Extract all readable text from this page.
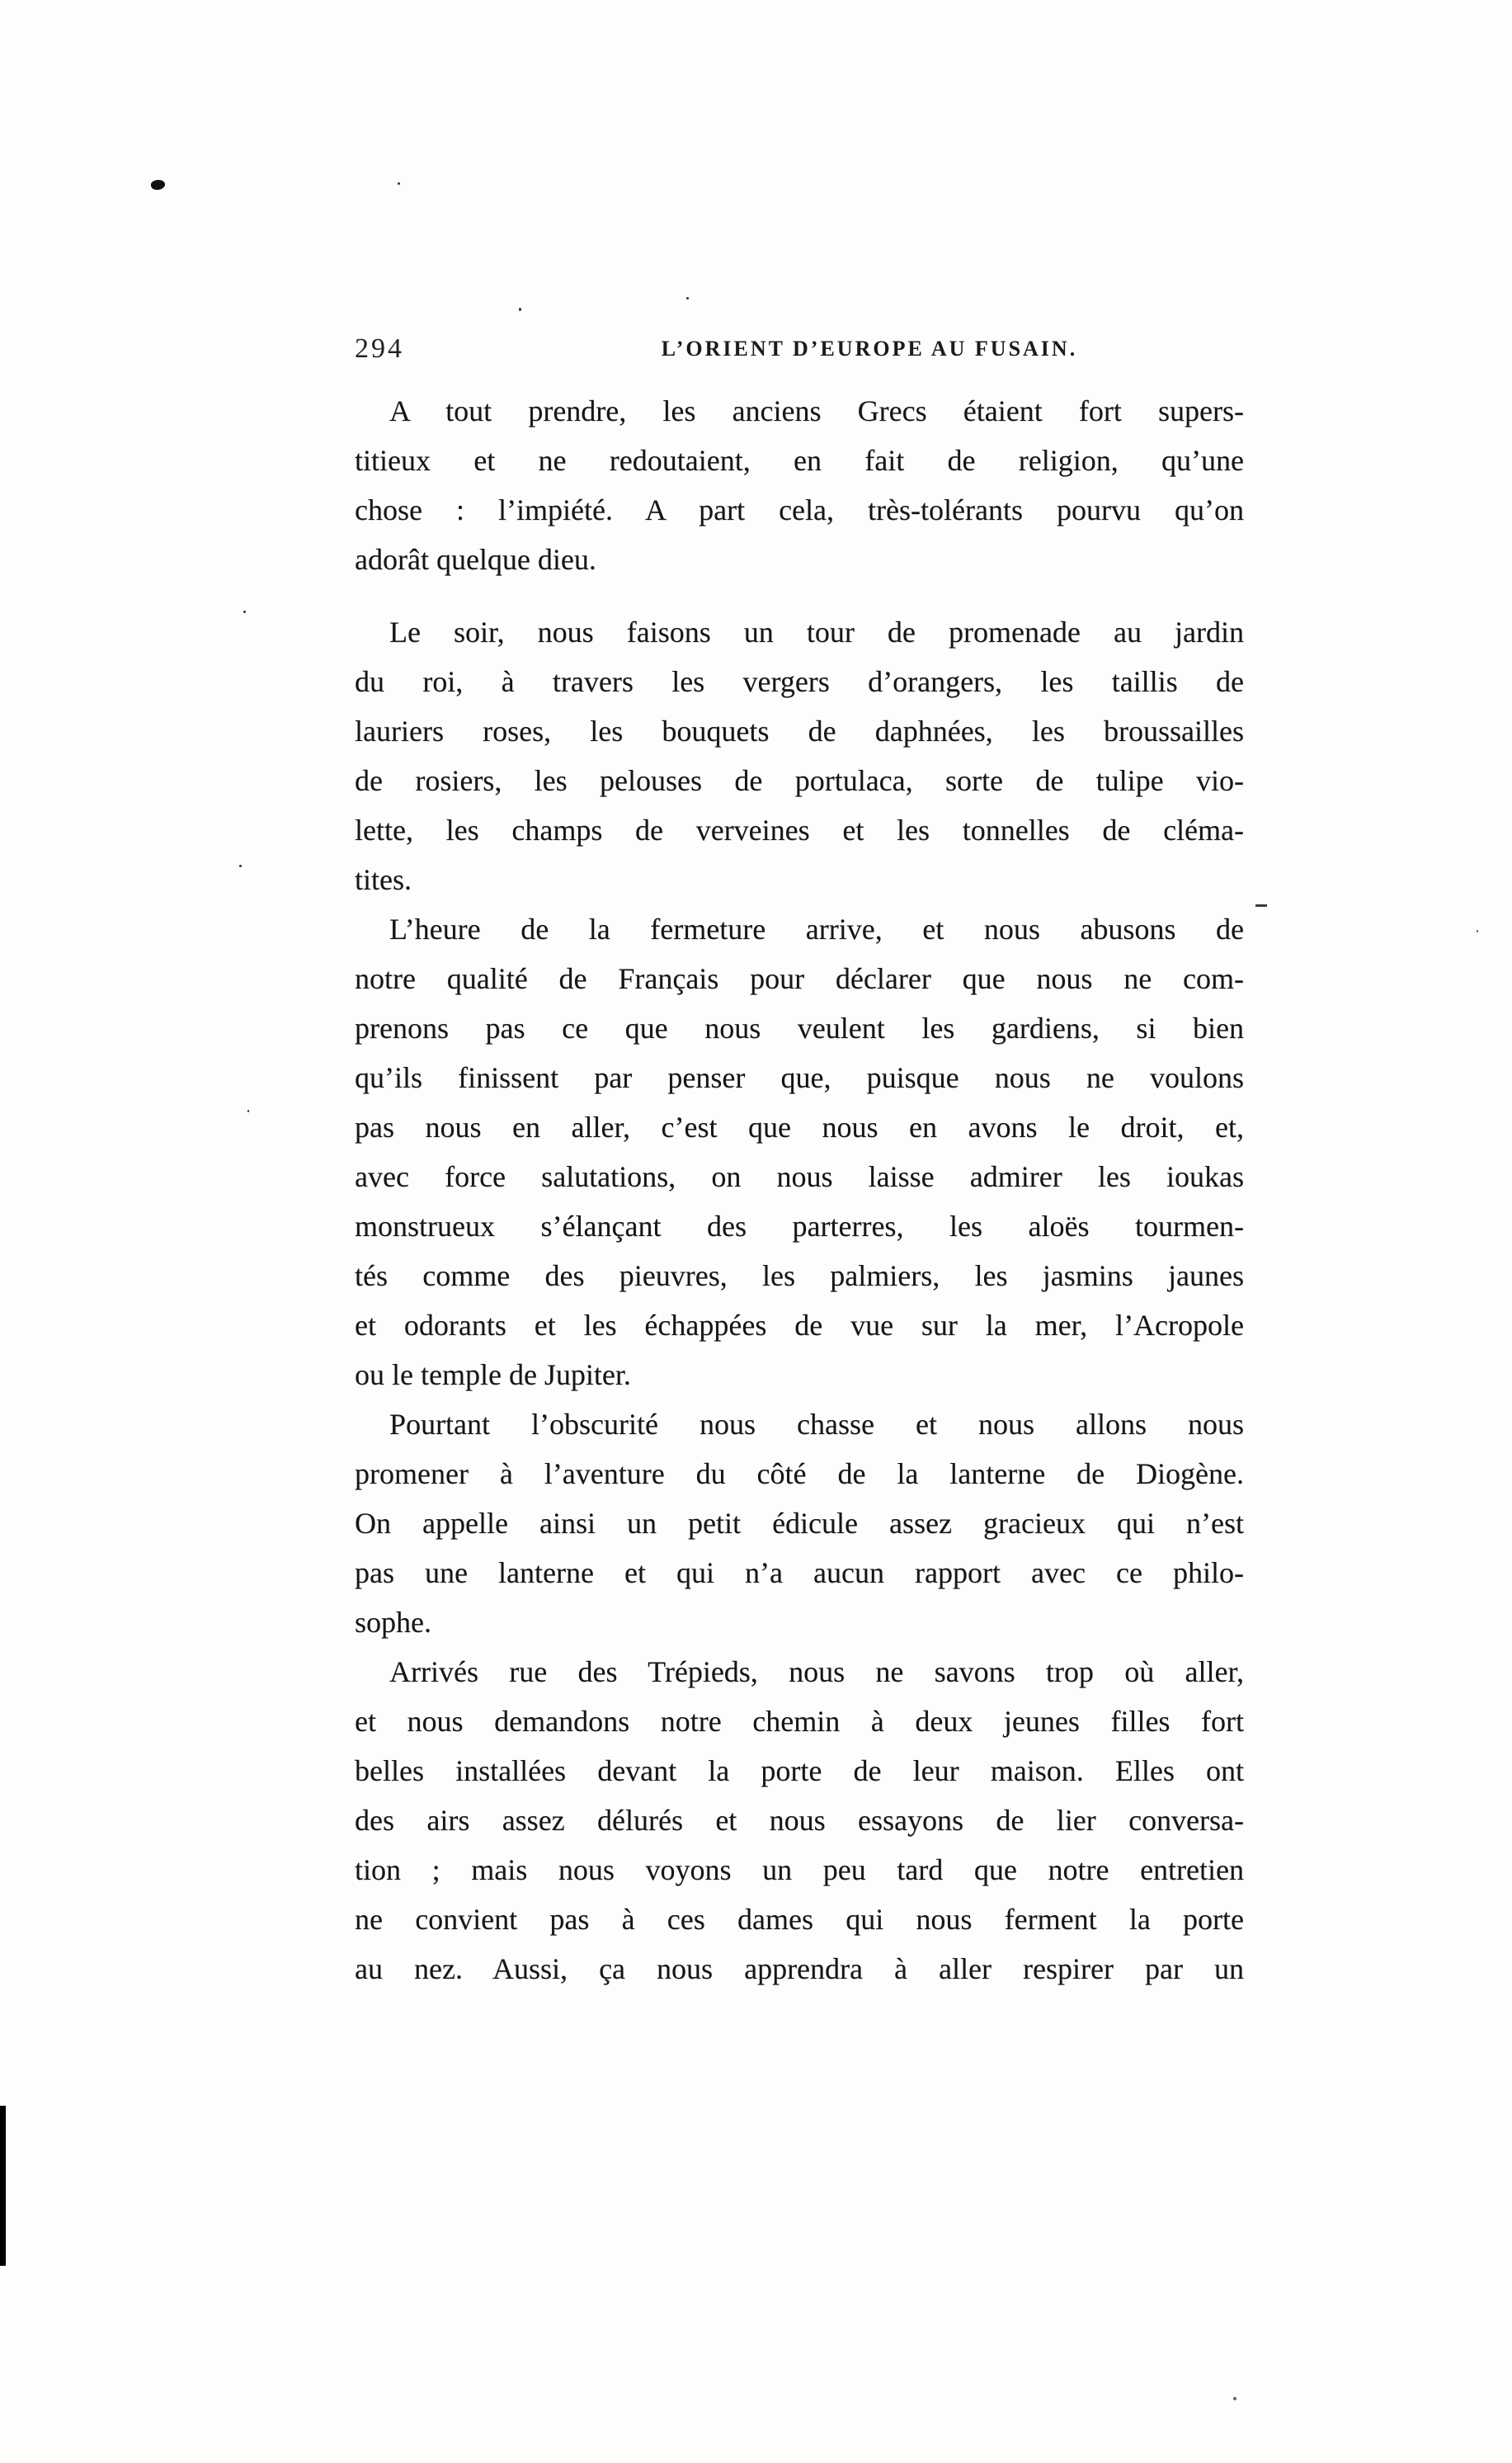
294	L’ORIENT D’EUROPE AU FUSAIN.
A tout prendre, les anciens Grecs étaient fort supers-
titieux et ne redoutaient, en fait de religion, qu’une
chose : l’impiété. A part cela, très-tolérants pourvu qu’on
adorât quelque dieu.
Le soir, nous faisons un tour de promenade au jardin
du roi, à travers les vergers d’orangers, les taillis de
lauriers roses, les bouquets de daphnées, les broussailles
de rosiers, les pelouses de portulaca, sorte de tulipe vio-
lette, les champs de verveines et les tonnelles de cléma-
tites.
L’heure de la fermeture arrive, et nous abusons de
notre qualité de Français pour déclarer que nous ne com-
prenons pas ce que nous veulent les gardiens, si bien
qu’ils finissent par penser que, puisque nous ne voulons
pas nous en aller, c’est que nous en avons le droit, et,
avec force salutations, on nous laisse admirer les ioukas
monstrueux s’élançant des parterres, les aloës tourmen-
tés comme des pieuvres, les palmiers, les jasmins jaunes
et odorants et les échappées de vue sur la mer, l’Acropole
ou le temple de Jupiter.
Pourtant l’obscurité nous chasse et nous allons nous
promener à l’aventure du côté de la lanterne de Diogène.
On appelle ainsi un petit édicule assez gracieux qui n’est
pas une lanterne et qui n’a aucun rapport avec ce philo-
sophe.
Arrivés rue des Trépieds, nous ne savons trop où aller,
et nous demandons notre chemin à deux jeunes filles fort
belles installées devant la porte de leur maison. Elles ont
des airs assez délurés et nous essayons de lier conversa-
tion ; mais nous voyons un peu tard que notre entretien
ne convient pas à ces dames qui nous ferment la porte
au nez. Aussi, ça nous apprendra à aller respirer par un
